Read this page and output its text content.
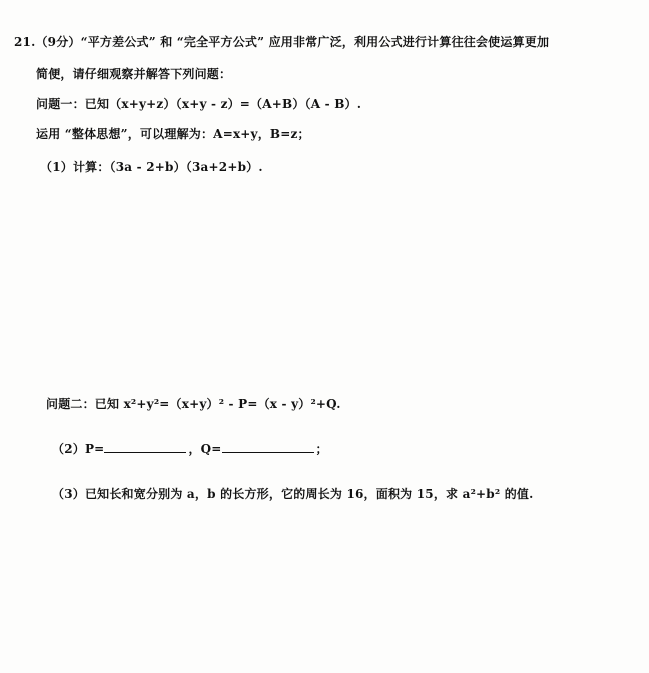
21.（9分）“平方差公式” 和 “完全平方公式” 应用非常广泛，利用公式进行计算往往会使运算更加
简便，请仔细观察并解答下列问题：
问题一：已知（x+y+z）（x+y - z）=（A+B）（A - B）.
运用 “整体思想”，可以理解为：A=x+y，B=z；
（1）计算：（3a - 2+b）（3a+2+b）.
问题二：已知 x²+y²=（x+y）² - P=（x - y）²+Q.
（2）P=	，Q=	；
（3）已知长和宽分别为 a，b 的长方形，它的周长为 16，面积为 15，求 a²+b² 的值.
